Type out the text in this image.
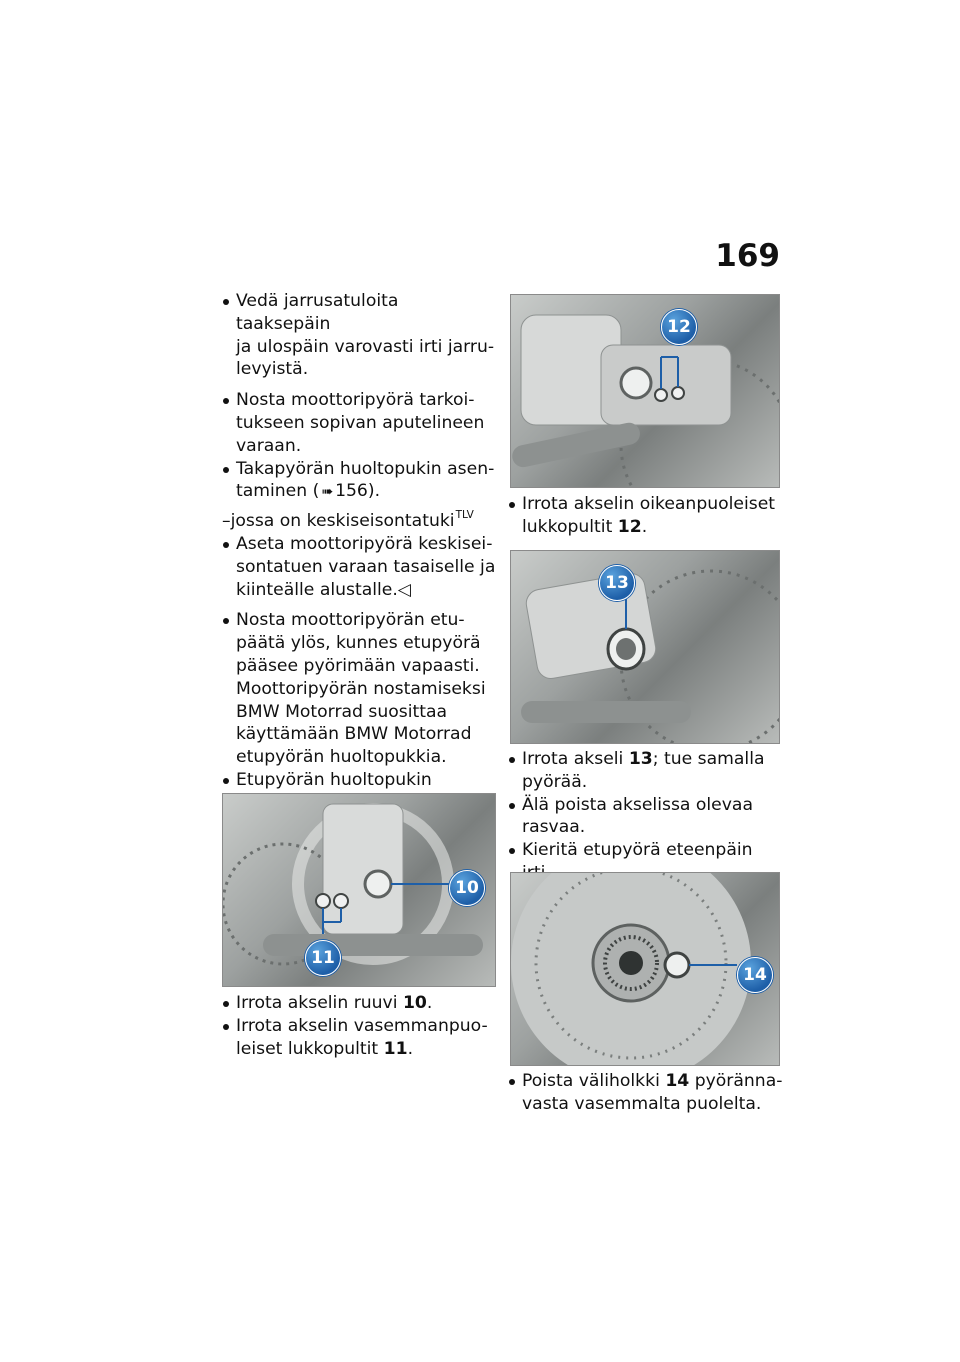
169
Vedä jarrusatuloita taaksepäin
ja ulospäin varovasti irti jarru-
levyistä.
Nosta moottoripyörä tarkoi-
tukseen sopivan aputelineen
varaan.
Takapyörän huoltopukin asen-
taminen ( ➠ 156).
–jossa on keskiseisontatuki$^{TLV}$
Aseta moottoripyörä keskisei-
sontatuen varaan tasaiselle ja
kiinteälle alustalle.◁
Nosta moottoripyörän etu-
päätä ylös, kunnes etupyörä
pääsee pyörimään vapaasti.
Moottoripyörän nostamiseksi
BMW Motorrad suosittaa
käyttämään BMW Motorrad
etupyörän huoltopukkia.
Etupyörän huoltopukin
10
11
Irrota akselin ruuvi 10.
Irrota akselin vasemmanpuo-
leiset lukkopultit 11.
12
Irrota akselin oikeanpuoleiset
lukkopultit 12.
13
Irrota akseli 13; tue samalla
pyörää.
Älä poista akselissa olevaa
rasvaa.
Kieritä etupyörä eteenpäin
14
Poista väliholkki 14 pyöränna-
vasta vasemmalta puolelta.
